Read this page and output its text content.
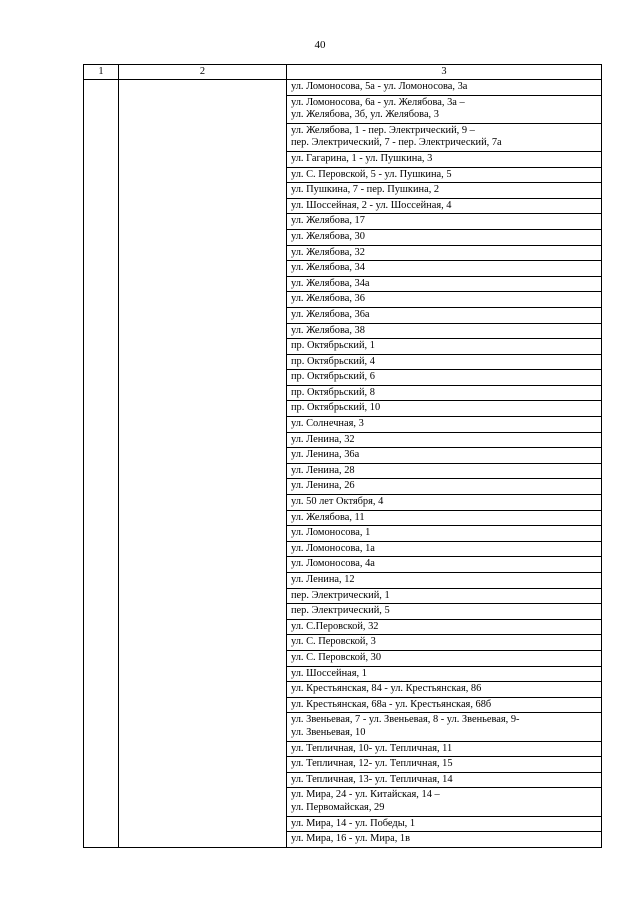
40
1	2	3
		ул. Ломоносова, 5а - ул. Ломоносова, 3а
		ул. Ломоносова, 6а - ул. Желябова, 3а –
ул. Желябова, 3б, ул. Желябова, 3
		ул. Желябова, 1 - пер. Электрический, 9 –
пер. Электрический, 7 - пер. Электрический, 7а
		ул. Гагарина, 1 - ул. Пушкина, 3
		ул. С. Перовской, 5 - ул. Пушкина, 5
		ул. Пушкина, 7 - пер. Пушкина, 2
		ул. Шоссейная, 2 - ул. Шоссейная, 4
		ул. Желябова, 17
		ул. Желябова, 30
		ул. Желябова, 32
		ул. Желябова, 34
		ул. Желябова, 34а
		ул. Желябова, 36
		ул. Желябова, 36а
		ул. Желябова, 38
		пр. Октябрьский, 1
		пр. Октябрьский, 4
		пр. Октябрьский, 6
		пр. Октябрьский, 8
		пр. Октябрьский, 10
		ул. Солнечная, 3
		ул. Ленина, 32
		ул. Ленина, 36а
		ул. Ленина, 28
		ул. Ленина, 26
		ул. 50 лет Октября, 4
		ул. Желябова, 11
		ул. Ломоносова, 1
		ул. Ломоносова, 1а
		ул. Ломоносова, 4а
		ул. Ленина, 12
		пер. Электрический, 1
		пер. Электрический, 5
		ул. С.Перовской, 32
		ул. С. Перовской, 3
		ул. С. Перовской, 30
		ул. Шоссейная, 1
		ул. Крестьянская, 84 - ул. Крестьянская, 86
		ул. Крестьянская, 68а - ул. Крестьянская, 68б
		ул. Звеньевая, 7 - ул. Звеньевая, 8 - ул. Звеньевая, 9-
ул. Звеньевая, 10
		ул. Тепличная, 10- ул. Тепличная, 11
		ул. Тепличная, 12- ул. Тепличная, 15
		ул. Тепличная, 13- ул. Тепличная, 14
		ул. Мира, 24 - ул. Китайская, 14 –
ул. Первомайская, 29
		ул. Мира, 14 - ул. Победы, 1
		ул. Мира, 16 - ул. Мира, 1в
